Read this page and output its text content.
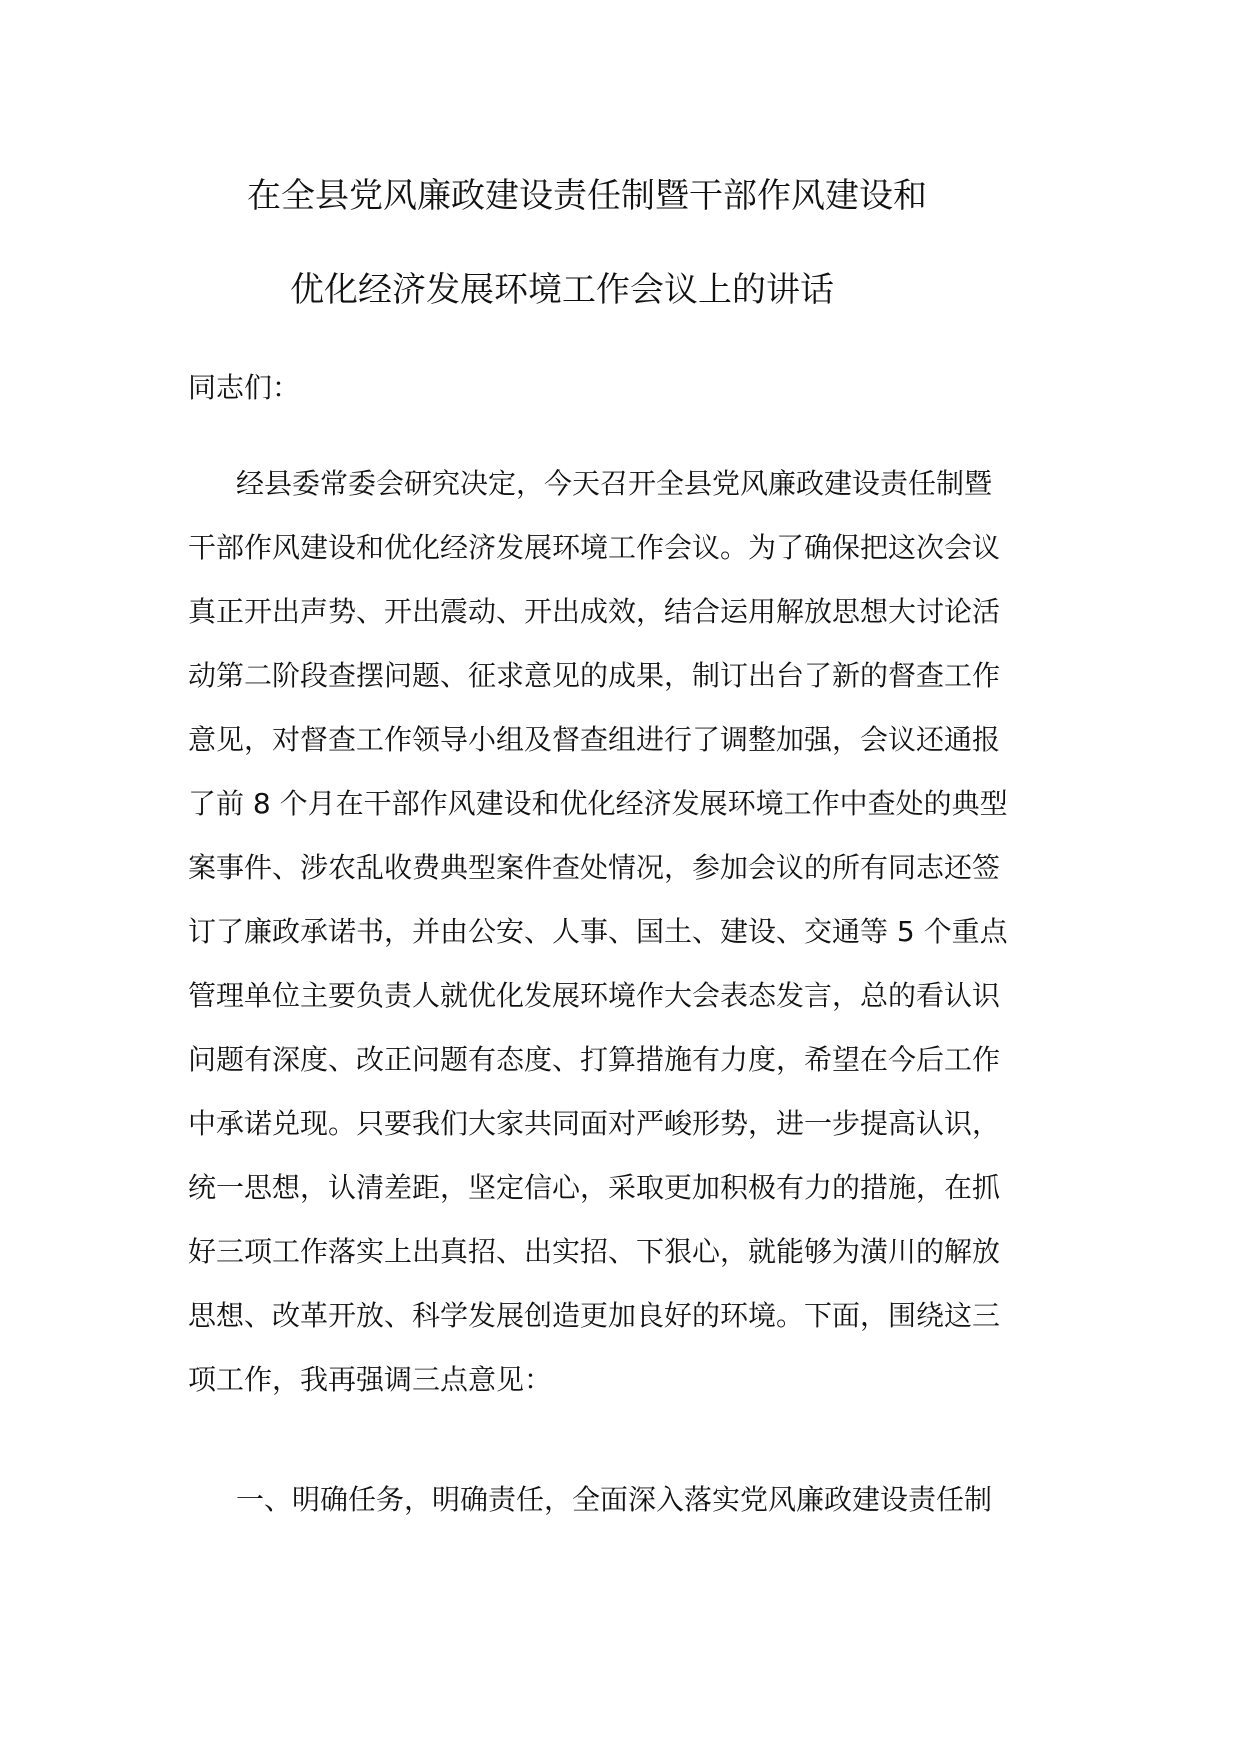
在全县党风廉政建设责任制暨干部作风建设和
优化经济发展环境工作会议上的讲话
同志们：
经县委常委会研究决定，今天召开全县党风廉政建设责任制暨
干部作风建设和优化经济发展环境工作会议。为了确保把这次会议
真正开出声势、开出震动、开出成效，结合运用解放思想大讨论活
动第二阶段查摆问题、征求意见的成果，制订出台了新的督查工作
意见，对督查工作领导小组及督查组进行了调整加强，会议还通报
了前 8 个月在干部作风建设和优化经济发展环境工作中查处的典型
案事件、涉农乱收费典型案件查处情况，参加会议的所有同志还签
订了廉政承诺书，并由公安、人事、国土、建设、交通等 5 个重点
管理单位主要负责人就优化发展环境作大会表态发言，总的看认识
问题有深度、改正问题有态度、打算措施有力度，希望在今后工作
中承诺兑现。只要我们大家共同面对严峻形势，进一步提高认识，
统一思想，认清差距，坚定信心，采取更加积极有力的措施，在抓
好三项工作落实上出真招、出实招、下狠心，就能够为潢川的解放
思想、改革开放、科学发展创造更加良好的环境。下面，围绕这三
项工作，我再强调三点意见：
一、明确任务，明确责任，全面深入落实党风廉政建设责任制
